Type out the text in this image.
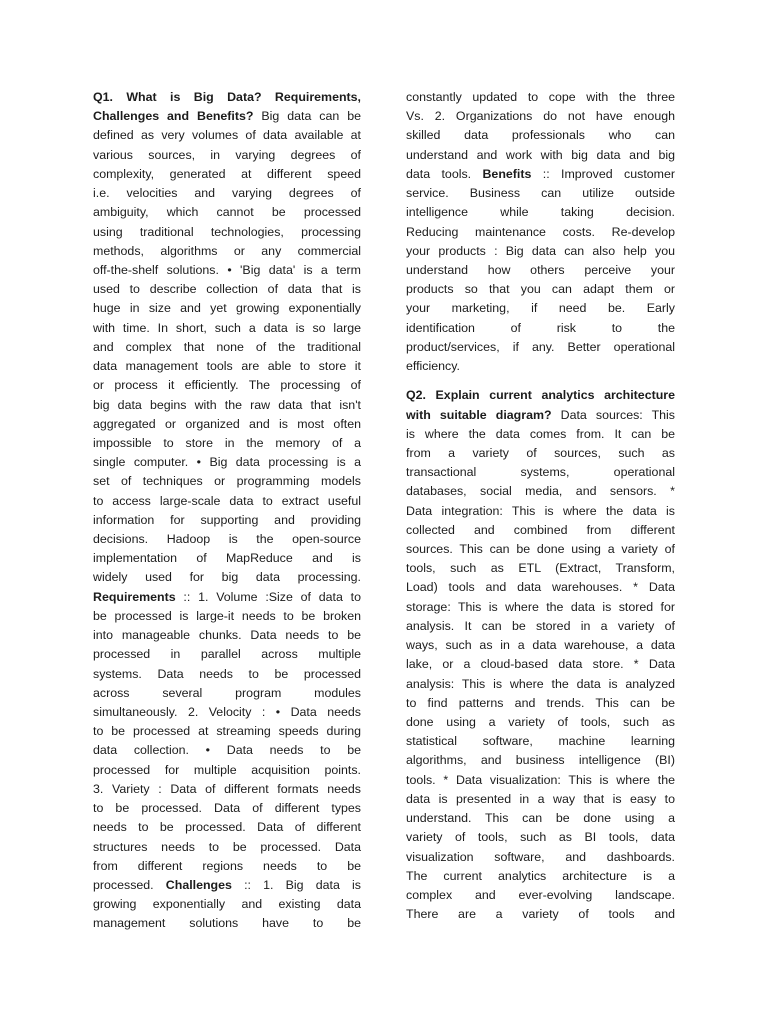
Q1. What is Big Data? Requirements,
Challenges and Benefits? Big data can be
defined as very volumes of data available at
various sources, in varying degrees of
complexity, generated at different speed
i.e. velocities and varying degrees of
ambiguity, which cannot be processed
using traditional technologies, processing
methods, algorithms or any commercial
off-the-shelf solutions. • 'Big data' is a term
used to describe collection of data that is
huge in size and yet growing exponentially
with time. In short, such a data is so large
and complex that none of the traditional
data management tools are able to store it
or process it efficiently. The processing of
big data begins with the raw data that isn't
aggregated or organized and is most often
impossible to store in the memory of a
single computer. • Big data processing is a
set of techniques or programming models
to access large-scale data to extract useful
information for supporting and providing
decisions. Hadoop is the open-source
implementation of MapReduce and is
widely used for big data processing.
Requirements :: 1. Volume :Size of data to
be processed is large-it needs to be broken
into manageable chunks. Data needs to be
processed in parallel across multiple
systems. Data needs to be processed
across several program modules
simultaneously. 2. Velocity : • Data needs
to be processed at streaming speeds during
data collection. • Data needs to be
processed for multiple acquisition points.
3. Variety : Data of different formats needs
to be processed. Data of different types
needs to be processed. Data of different
structures needs to be processed. Data
from different regions needs to be
processed. Challenges :: 1. Big data is
growing exponentially and existing data
management solutions have to be
constantly updated to cope with the three
Vs. 2. Organizations do not have enough
skilled data professionals who can
understand and work with big data and big
data tools. Benefits :: Improved customer
service. Business can utilize outside
intelligence while taking decision.
Reducing maintenance costs. Re-develop
your products : Big data can also help you
understand how others perceive your
products so that you can adapt them or
your marketing, if need be. Early
identification of risk to the
product/services, if any. Better operational
efficiency.
Q2. Explain current analytics architecture
with suitable diagram? Data sources: This
is where the data comes from. It can be
from a variety of sources, such as
transactional systems, operational
databases, social media, and sensors. *
Data integration: This is where the data is
collected and combined from different
sources. This can be done using a variety of
tools, such as ETL (Extract, Transform,
Load) tools and data warehouses. * Data
storage: This is where the data is stored for
analysis. It can be stored in a variety of
ways, such as in a data warehouse, a data
lake, or a cloud-based data store. * Data
analysis: This is where the data is analyzed
to find patterns and trends. This can be
done using a variety of tools, such as
statistical software, machine learning
algorithms, and business intelligence (BI)
tools. * Data visualization: This is where the
data is presented in a way that is easy to
understand. This can be done using a
variety of tools, such as BI tools, data
visualization software, and dashboards.
The current analytics architecture is a
complex and ever-evolving landscape.
There are a variety of tools and
